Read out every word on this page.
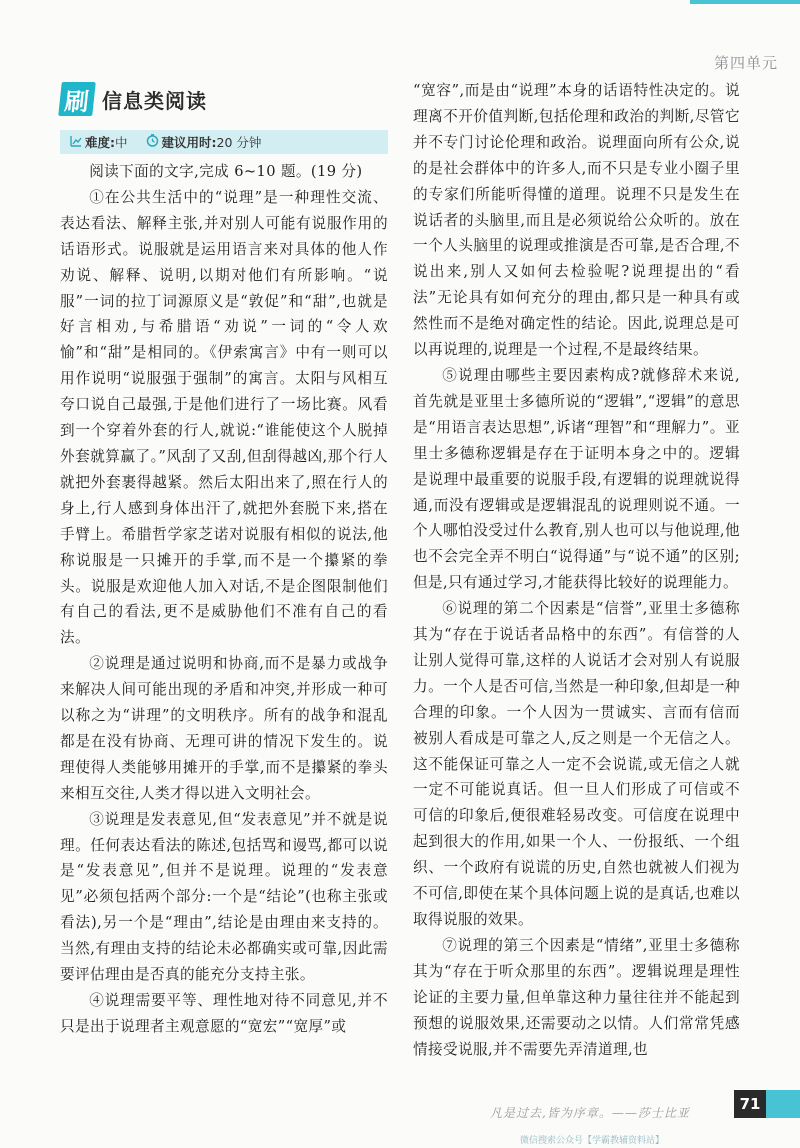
第四单元
刷 信息类阅读
难度: 中	建议用时: 20 分钟

阅读下面的文字,完成 6~10 题。(19 分)

①在公共生活中的“说理”是一种理性交流、表达看法、解释主张,并对别人可能有说服作用的话语形式。说服就是运用语言来对具体的他人作劝说、解释、说明,以期对他们有所影响。“说服”一词的拉丁词源原义是“敦促”和“甜”,也就是好言相劝,与希腊语“劝说”一词的“令人欢愉”和“甜”是相同的。《伊索寓言》中有一则可以用作说明“说服强于强制”的寓言。太阳与风相互夸口说自己最强,于是他们进行了一场比赛。风看到一个穿着外套的行人,就说:“谁能使这个人脱掉外套就算赢了。”风刮了又刮,但刮得越凶,那个行人就把外套裹得越紧。然后太阳出来了,照在行人的身上,行人感到身体出汗了,就把外套脱下来,搭在手臂上。希腊哲学家芝诺对说服有相似的说法,他称说服是一只摊开的手掌,而不是一个攥紧的拳头。说服是欢迎他人加入对话,不是企图限制他们有自己的看法,更不是威胁他们不准有自己的看法。

②说理是通过说明和协商,而不是暴力或战争来解决人间可能出现的矛盾和冲突,并形成一种可以称之为“讲理”的文明秩序。所有的战争和混乱都是在没有协商、无理可讲的情况下发生的。说理使得人类能够用摊开的手掌,而不是攥紧的拳头来相互交往,人类才得以进入文明社会。

③说理是发表意见,但“发表意见”并不就是说理。任何表达看法的陈述,包括骂和谩骂,都可以说是“发表意见”,但并不是说理。说理的“发表意见”必须包括两个部分:一个是“结论”(也称主张或看法),另一个是“理由”,结论是由理由来支持的。当然,有理由支持的结论未必都确实或可靠,因此需要评估理由是否真的能充分支持主张。

④说理需要平等、理性地对待不同意见,并不只是出于说理者主观意愿的“宽宏”“宽厚”或

“宽容”,而是由“说理”本身的话语特性决定的。说理离不开价值判断,包括伦理和政治的判断,尽管它并不专门讨论伦理和政治。说理面向所有公众,说的是社会群体中的许多人,而不只是专业小圈子里的专家们所能听得懂的道理。说理不只是发生在说话者的头脑里,而且是必须说给公众听的。放在一个人头脑里的说理或推演是否可靠,是否合理,不说出来,别人又如何去检验呢?说理提出的“看法”无论具有如何充分的理由,都只是一种具有或然性而不是绝对确定性的结论。因此,说理总是可以再说理的,说理是一个过程,不是最终结果。

⑤说理由哪些主要因素构成?就修辞术来说,首先就是亚里士多德所说的“逻辑”,“逻辑”的意思是“用语言表达思想”,诉诸“理智”和“理解力”。亚里士多德称逻辑是存在于证明本身之中的。逻辑是说理中最重要的说服手段,有逻辑的说理就说得通,而没有逻辑或是逻辑混乱的说理则说不通。一个人哪怕没受过什么教育,别人也可以与他说理,他也不会完全弄不明白“说得通”与“说不通”的区别;但是,只有通过学习,才能获得比较好的说理能力。

⑥说理的第二个因素是“信誉”,亚里士多德称其为“存在于说话者品格中的东西”。有信誉的人让别人觉得可靠,这样的人说话才会对别人有说服力。一个人是否可信,当然是一种印象,但却是一种合理的印象。一个人因为一贯诚实、言而有信而被别人看成是可靠之人,反之则是一个无信之人。这不能保证可靠之人一定不会说谎,或无信之人就一定不可能说真话。但一旦人们形成了可信或不可信的印象后,便很难轻易改变。可信度在说理中起到很大的作用,如果一个人、一份报纸、一个组织、一个政府有说谎的历史,自然也就被人们视为不可信,即使在某个具体问题上说的是真话,也难以取得说服的效果。

⑦说理的第三个因素是“情绪”,亚里士多德称其为“存在于听众那里的东西”。逻辑说理是理性论证的主要力量,但单靠这种力量往往并不能起到预想的说服效果,还需要动之以情。人们常常凭感情接受说服,并不需要先弄清道理,也

凡是过去,皆为序章。——莎士比亚	71
微信搜索公众号【学霸教辅资料站】
